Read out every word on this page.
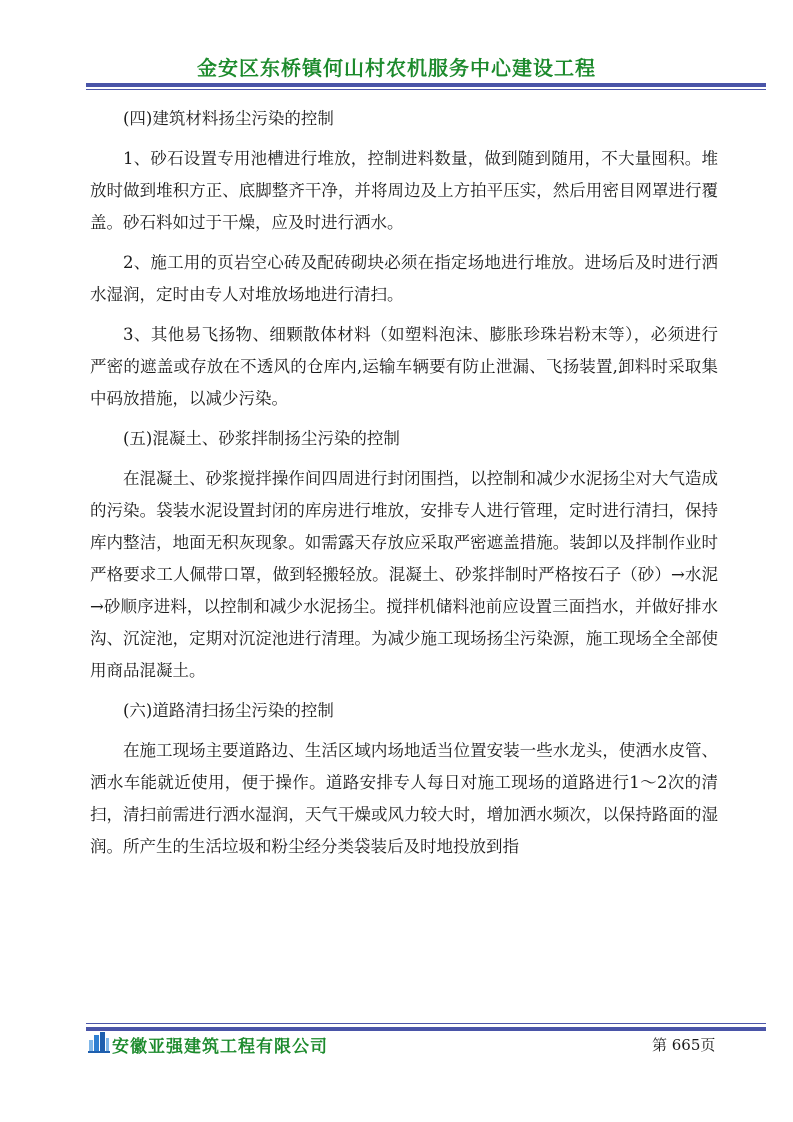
金安区东桥镇何山村农机服务中心建设工程

(四)建筑材料扬尘污染的控制

1、砂石设置专用池槽进行堆放，控制进料数量，做到随到随用，不大量囤积。堆放时做到堆积方正、底脚整齐干净，并将周边及上方拍平压实，然后用密目网罩进行覆盖。砂石料如过于干燥，应及时进行洒水。

2、施工用的页岩空心砖及配砖砌块必须在指定场地进行堆放。进场后及时进行洒水湿润，定时由专人对堆放场地进行清扫。

3、其他易飞扬物、细颗散体材料（如塑料泡沫、膨胀珍珠岩粉末等），必须进行严密的遮盖或存放在不透风的仓库内,运输车辆要有防止泄漏、飞扬装置,卸料时采取集中码放措施，以减少污染。

(五)混凝土、砂浆拌制扬尘污染的控制

在混凝土、砂浆搅拌操作间四周进行封闭围挡，以控制和减少水泥扬尘对大气造成的污染。袋装水泥设置封闭的库房进行堆放，安排专人进行管理，定时进行清扫，保持库内整洁，地面无积灰现象。如需露天存放应采取严密遮盖措施。装卸以及拌制作业时严格要求工人佩带口罩，做到轻搬轻放。混凝土、砂浆拌制时严格按石子（砂）→水泥→砂顺序进料，以控制和减少水泥扬尘。搅拌机储料池前应设置三面挡水，并做好排水沟、沉淀池，定期对沉淀池进行清理。为减少施工现场扬尘污染源，施工现场全全部使用商品混凝土。

(六)道路清扫扬尘污染的控制

在施工现场主要道路边、生活区域内场地适当位置安装一些水龙头，使洒水皮管、洒水车能就近使用，便于操作。道路安排专人每日对施工现场的道路进行1～2次的清扫，清扫前需进行洒水湿润，天气干燥或风力较大时，增加洒水频次，以保持路面的湿润。所产生的生活垃圾和粉尘经分类袋装后及时地投放到指

安徽亚强建筑工程有限公司	第 665页
